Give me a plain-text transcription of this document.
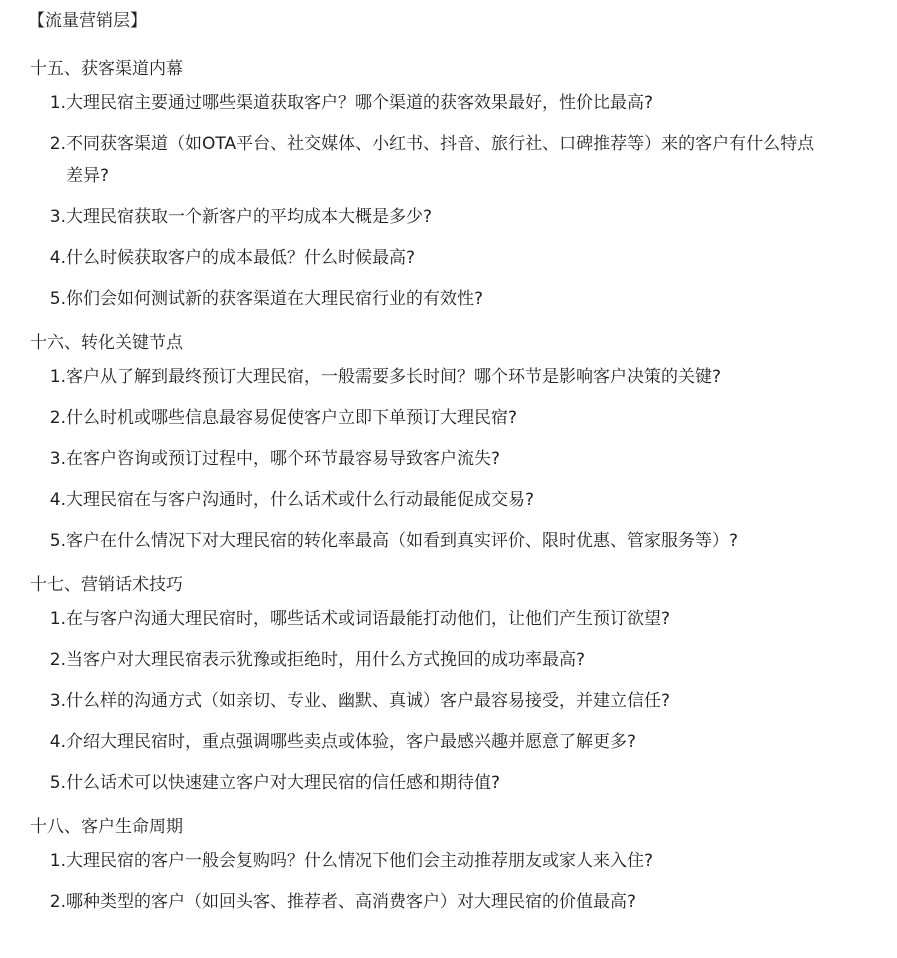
【流量营销层】
十五、获客渠道内幕
1. 大理民宿主要通过哪些渠道获取客户？哪个渠道的获客效果最好，性价比最高?
2. 不同获客渠道（如OTA平台、社交媒体、小红书、抖音、旅行社、口碑推荐等）来的客户有什么特点差异?
3. 大理民宿获取一个新客户的平均成本大概是多少?
4. 什么时候获取客户的成本最低？什么时候最高?
5. 你们会如何测试新的获客渠道在大理民宿行业的有效性?
十六、转化关键节点
1. 客户从了解到最终预订大理民宿，一般需要多长时间？哪个环节是影响客户决策的关键?
2. 什么时机或哪些信息最容易促使客户立即下单预订大理民宿?
3. 在客户咨询或预订过程中，哪个环节最容易导致客户流失?
4. 大理民宿在与客户沟通时，什么话术或什么行动最能促成交易?
5. 客户在什么情况下对大理民宿的转化率最高（如看到真实评价、限时优惠、管家服务等）?
十七、营销话术技巧
1. 在与客户沟通大理民宿时，哪些话术或词语最能打动他们，让他们产生预订欲望?
2. 当客户对大理民宿表示犹豫或拒绝时，用什么方式挽回的成功率最高?
3. 什么样的沟通方式（如亲切、专业、幽默、真诚）客户最容易接受，并建立信任?
4. 介绍大理民宿时，重点强调哪些卖点或体验，客户最感兴趣并愿意了解更多?
5. 什么话术可以快速建立客户对大理民宿的信任感和期待值?
十八、客户生命周期
1. 大理民宿的客户一般会复购吗？什么情况下他们会主动推荐朋友或家人来入住?
2. 哪种类型的客户（如回头客、推荐者、高消费客户）对大理民宿的价值最高?
